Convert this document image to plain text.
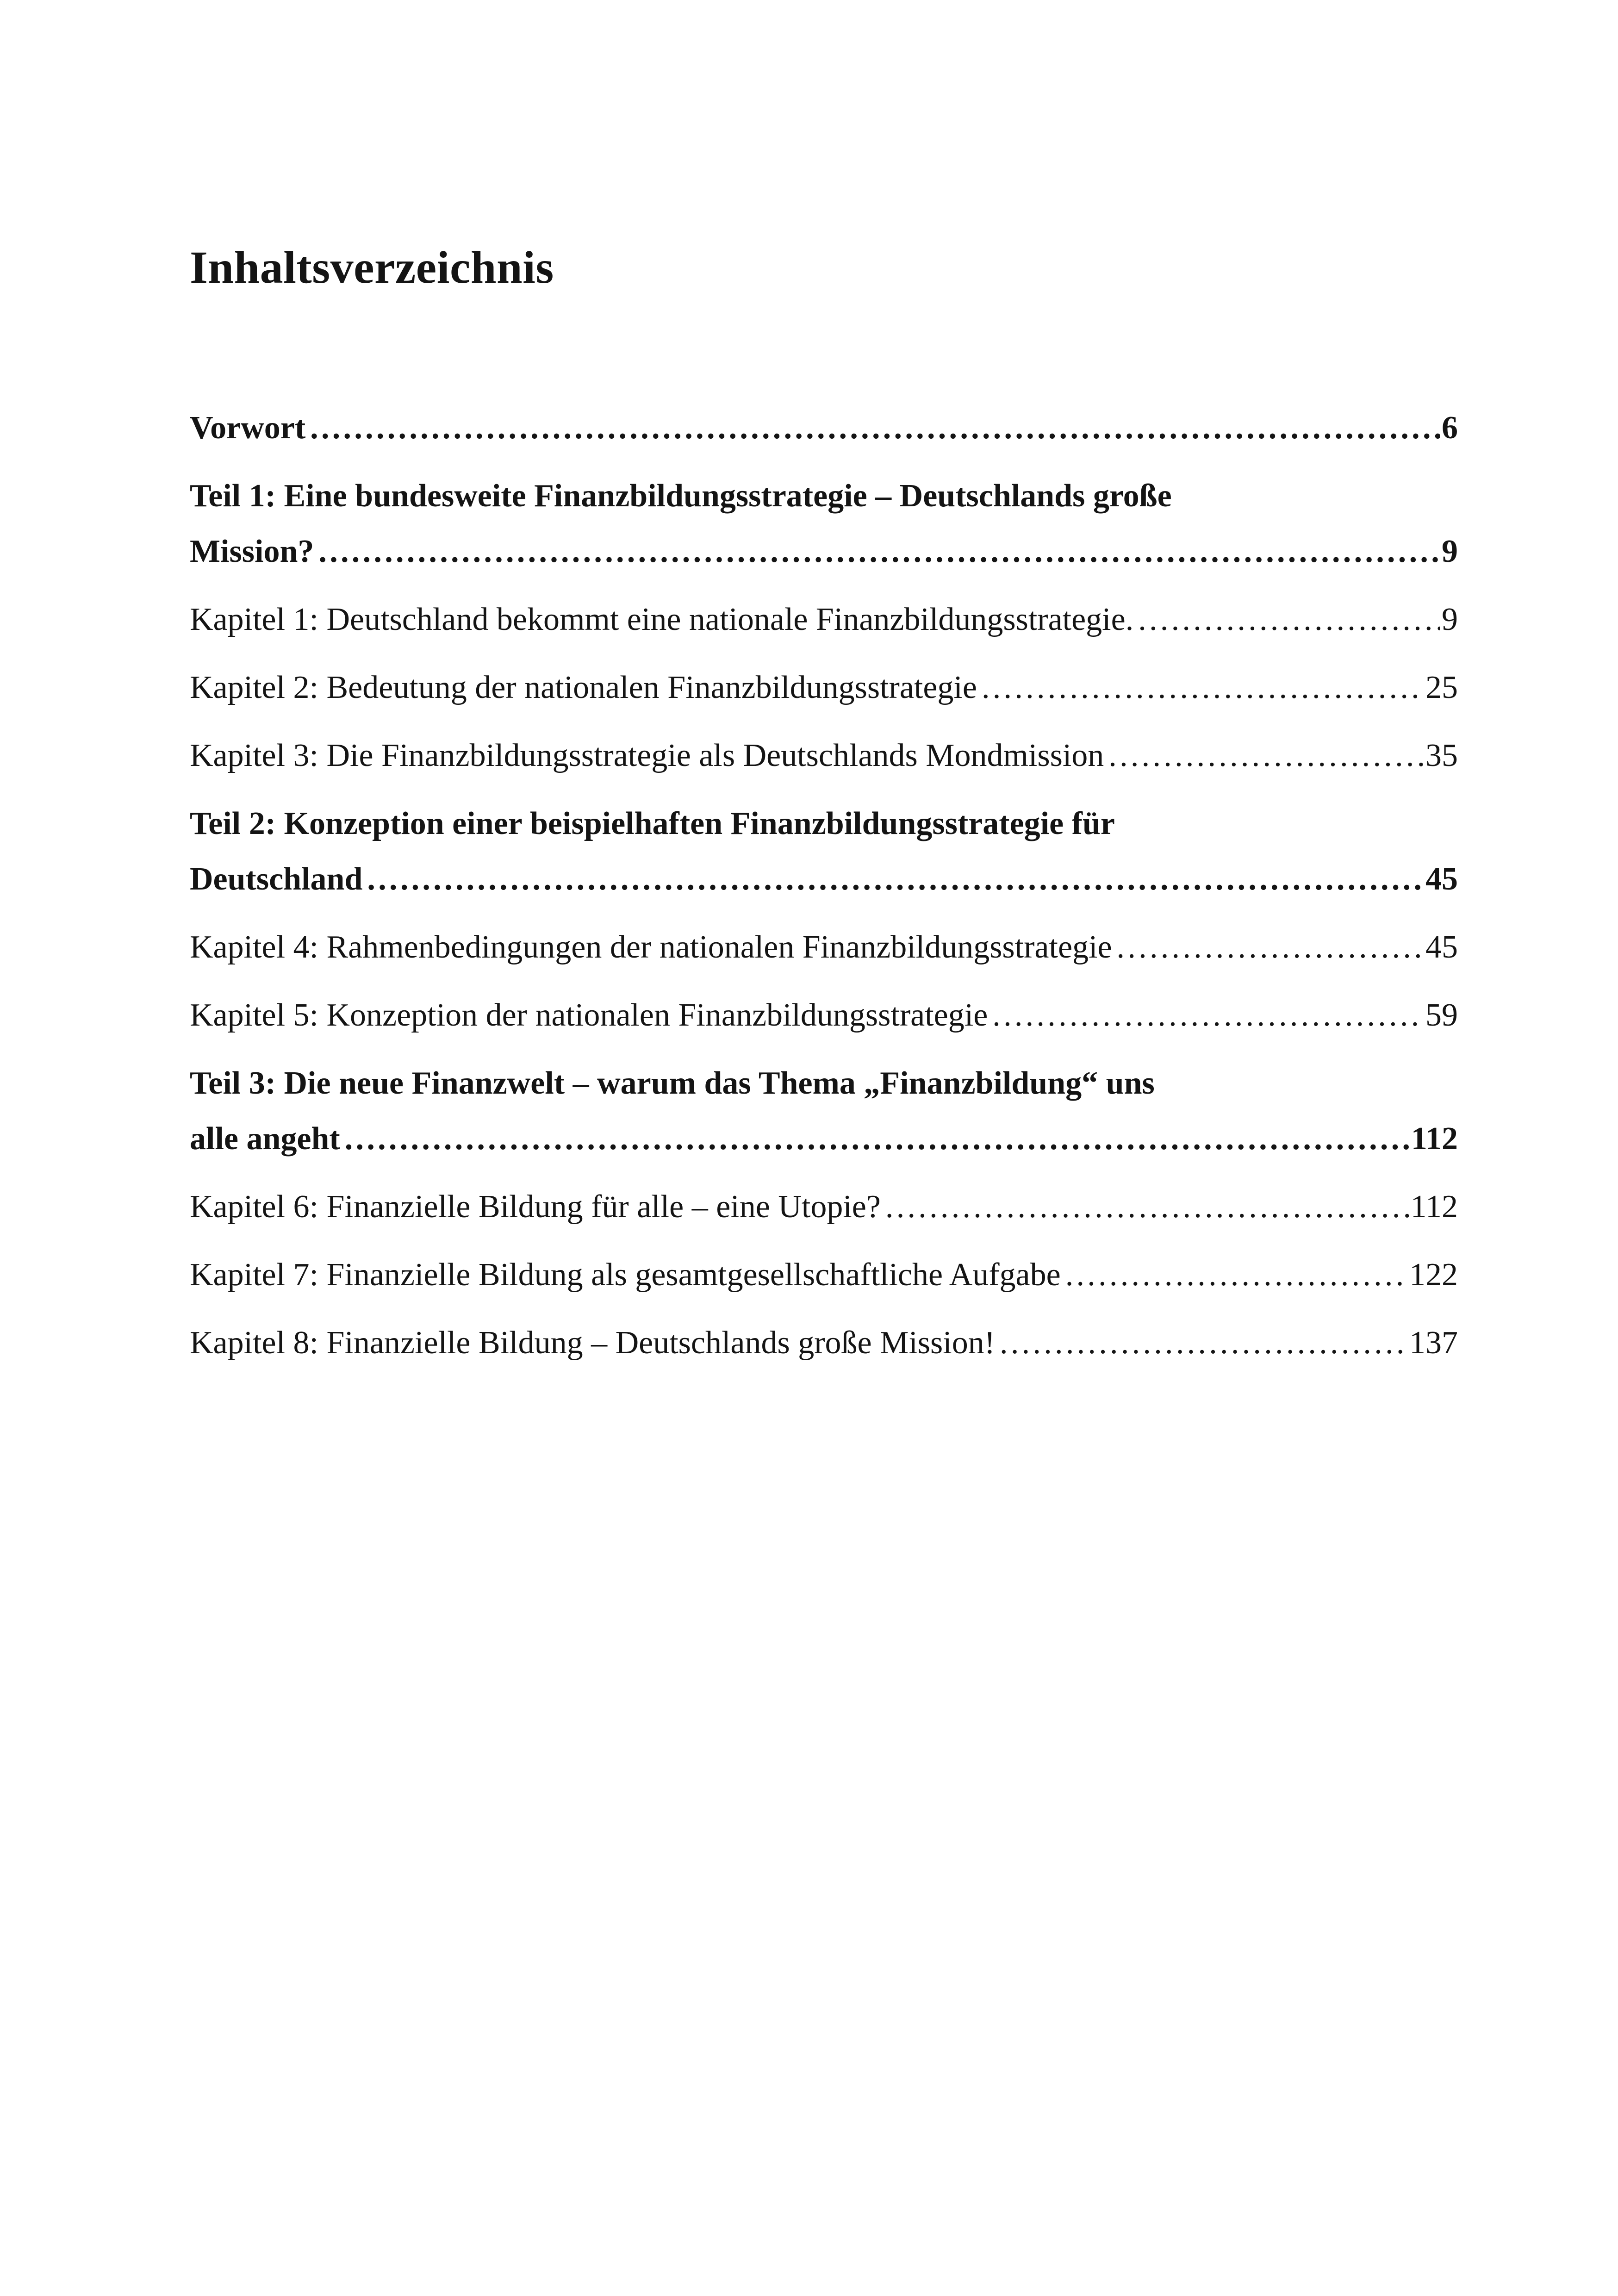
Inhaltsverzeichnis

Vorwort .....	6

Teil 1: Eine bundesweite Finanzbildungsstrategie – Deutschlands große
Mission? .....	9

Kapitel 1: Deutschland bekommt eine nationale Finanzbildungsstrategie. .....	9

Kapitel 2: Bedeutung der nationalen Finanzbildungsstrategie .....	25

Kapitel 3: Die Finanzbildungsstrategie als Deutschlands Mondmission .....	35

Teil 2: Konzeption einer beispielhaften Finanzbildungsstrategie für
Deutschland .....	45

Kapitel 4: Rahmenbedingungen der nationalen Finanzbildungsstrategie .....	45

Kapitel 5: Konzeption der nationalen Finanzbildungsstrategie .....	59

Teil 3: Die neue Finanzwelt – warum das Thema „Finanzbildung“ uns
alle angeht .....	112

Kapitel 6: Finanzielle Bildung für alle – eine Utopie? .....	112

Kapitel 7: Finanzielle Bildung als gesamtgesellschaftliche Aufgabe .....	122

Kapitel 8: Finanzielle Bildung – Deutschlands große Mission! .....	137
